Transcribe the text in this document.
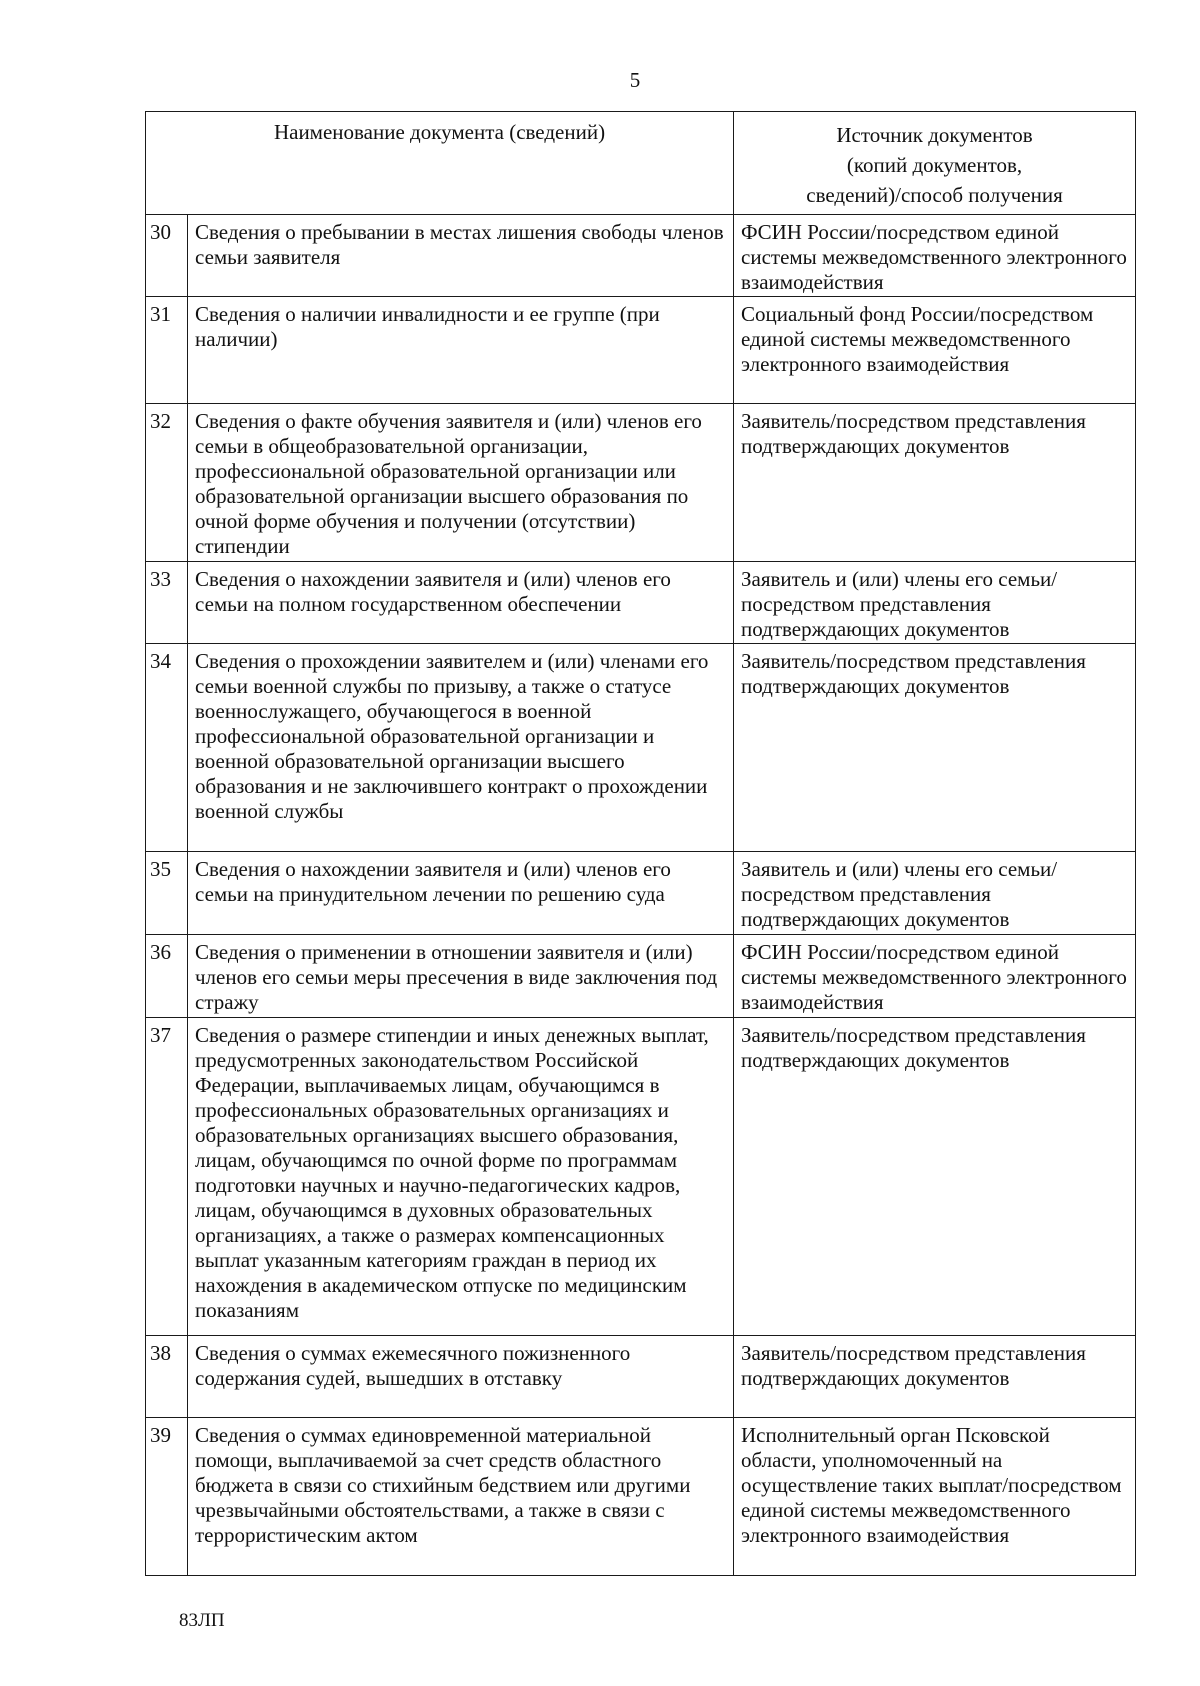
5
Наименование документа (сведений)		Источник документов
(копий документов,
сведений)/способ получения

30	Сведения о пребывании в местах лишения свободы членов семьи заявителя	ФСИН России/посредством единой системы межведомственного электронного взаимодействия
31	Сведения о наличии инвалидности и ее группе (при наличии)	Социальный фонд России/посредством единой системы межведомственного электронного взаимодействия
32	Сведения о факте обучения заявителя и (или) членов его семьи в общеобразовательной организации, профессиональной образовательной организации или образовательной организации высшего образования по очной форме обучения и получении (отсутствии) стипендии	Заявитель/посредством представления подтверждающих документов
33	Сведения о нахождении заявителя и (или) членов его семьи на полном государственном обеспечении	Заявитель и (или) члены его семьи/посредством представления подтверждающих документов
34	Сведения о прохождении заявителем и (или) членами его семьи военной службы по призыву, а также о статусе военнослужащего, обучающегося в военной профессиональной образовательной организации и военной образовательной организации высшего образования и не заключившего контракт о прохождении военной службы	Заявитель/посредством представления подтверждающих документов
35	Сведения о нахождении заявителя и (или) членов его семьи на принудительном лечении по решению суда	Заявитель и (или) члены его семьи/посредством представления подтверждающих документов
36	Сведения о применении в отношении заявителя и (или) членов его семьи меры пресечения в виде заключения под стражу	ФСИН России/посредством единой системы межведомственного электронного взаимодействия
37	Сведения о размере стипендии и иных денежных выплат, предусмотренных законодательством Российской Федерации, выплачиваемых лицам, обучающимся в профессиональных образовательных организациях и образовательных организациях высшего образования, лицам, обучающимся по очной форме по программам подготовки научных и научно-педагогических кадров, лицам, обучающимся в духовных образовательных организациях, а также о размерах компенсационных выплат указанным категориям граждан в период их нахождения в академическом отпуске по медицинским показаниям	Заявитель/посредством представления подтверждающих документов
38	Сведения о суммах ежемесячного пожизненного содержания судей, вышедших в отставку	Заявитель/посредством представления подтверждающих документов
39	Сведения о суммах единовременной материальной помощи, выплачиваемой за счет средств областного бюджета в связи со стихийным бедствием или другими чрезвычайными обстоятельствами, а также в связи с террористическим актом	Исполнительный орган Псковской области, уполномоченный на осуществление таких выплат/посредством единой системы межведомственного электронного взаимодействия
83ЛП
